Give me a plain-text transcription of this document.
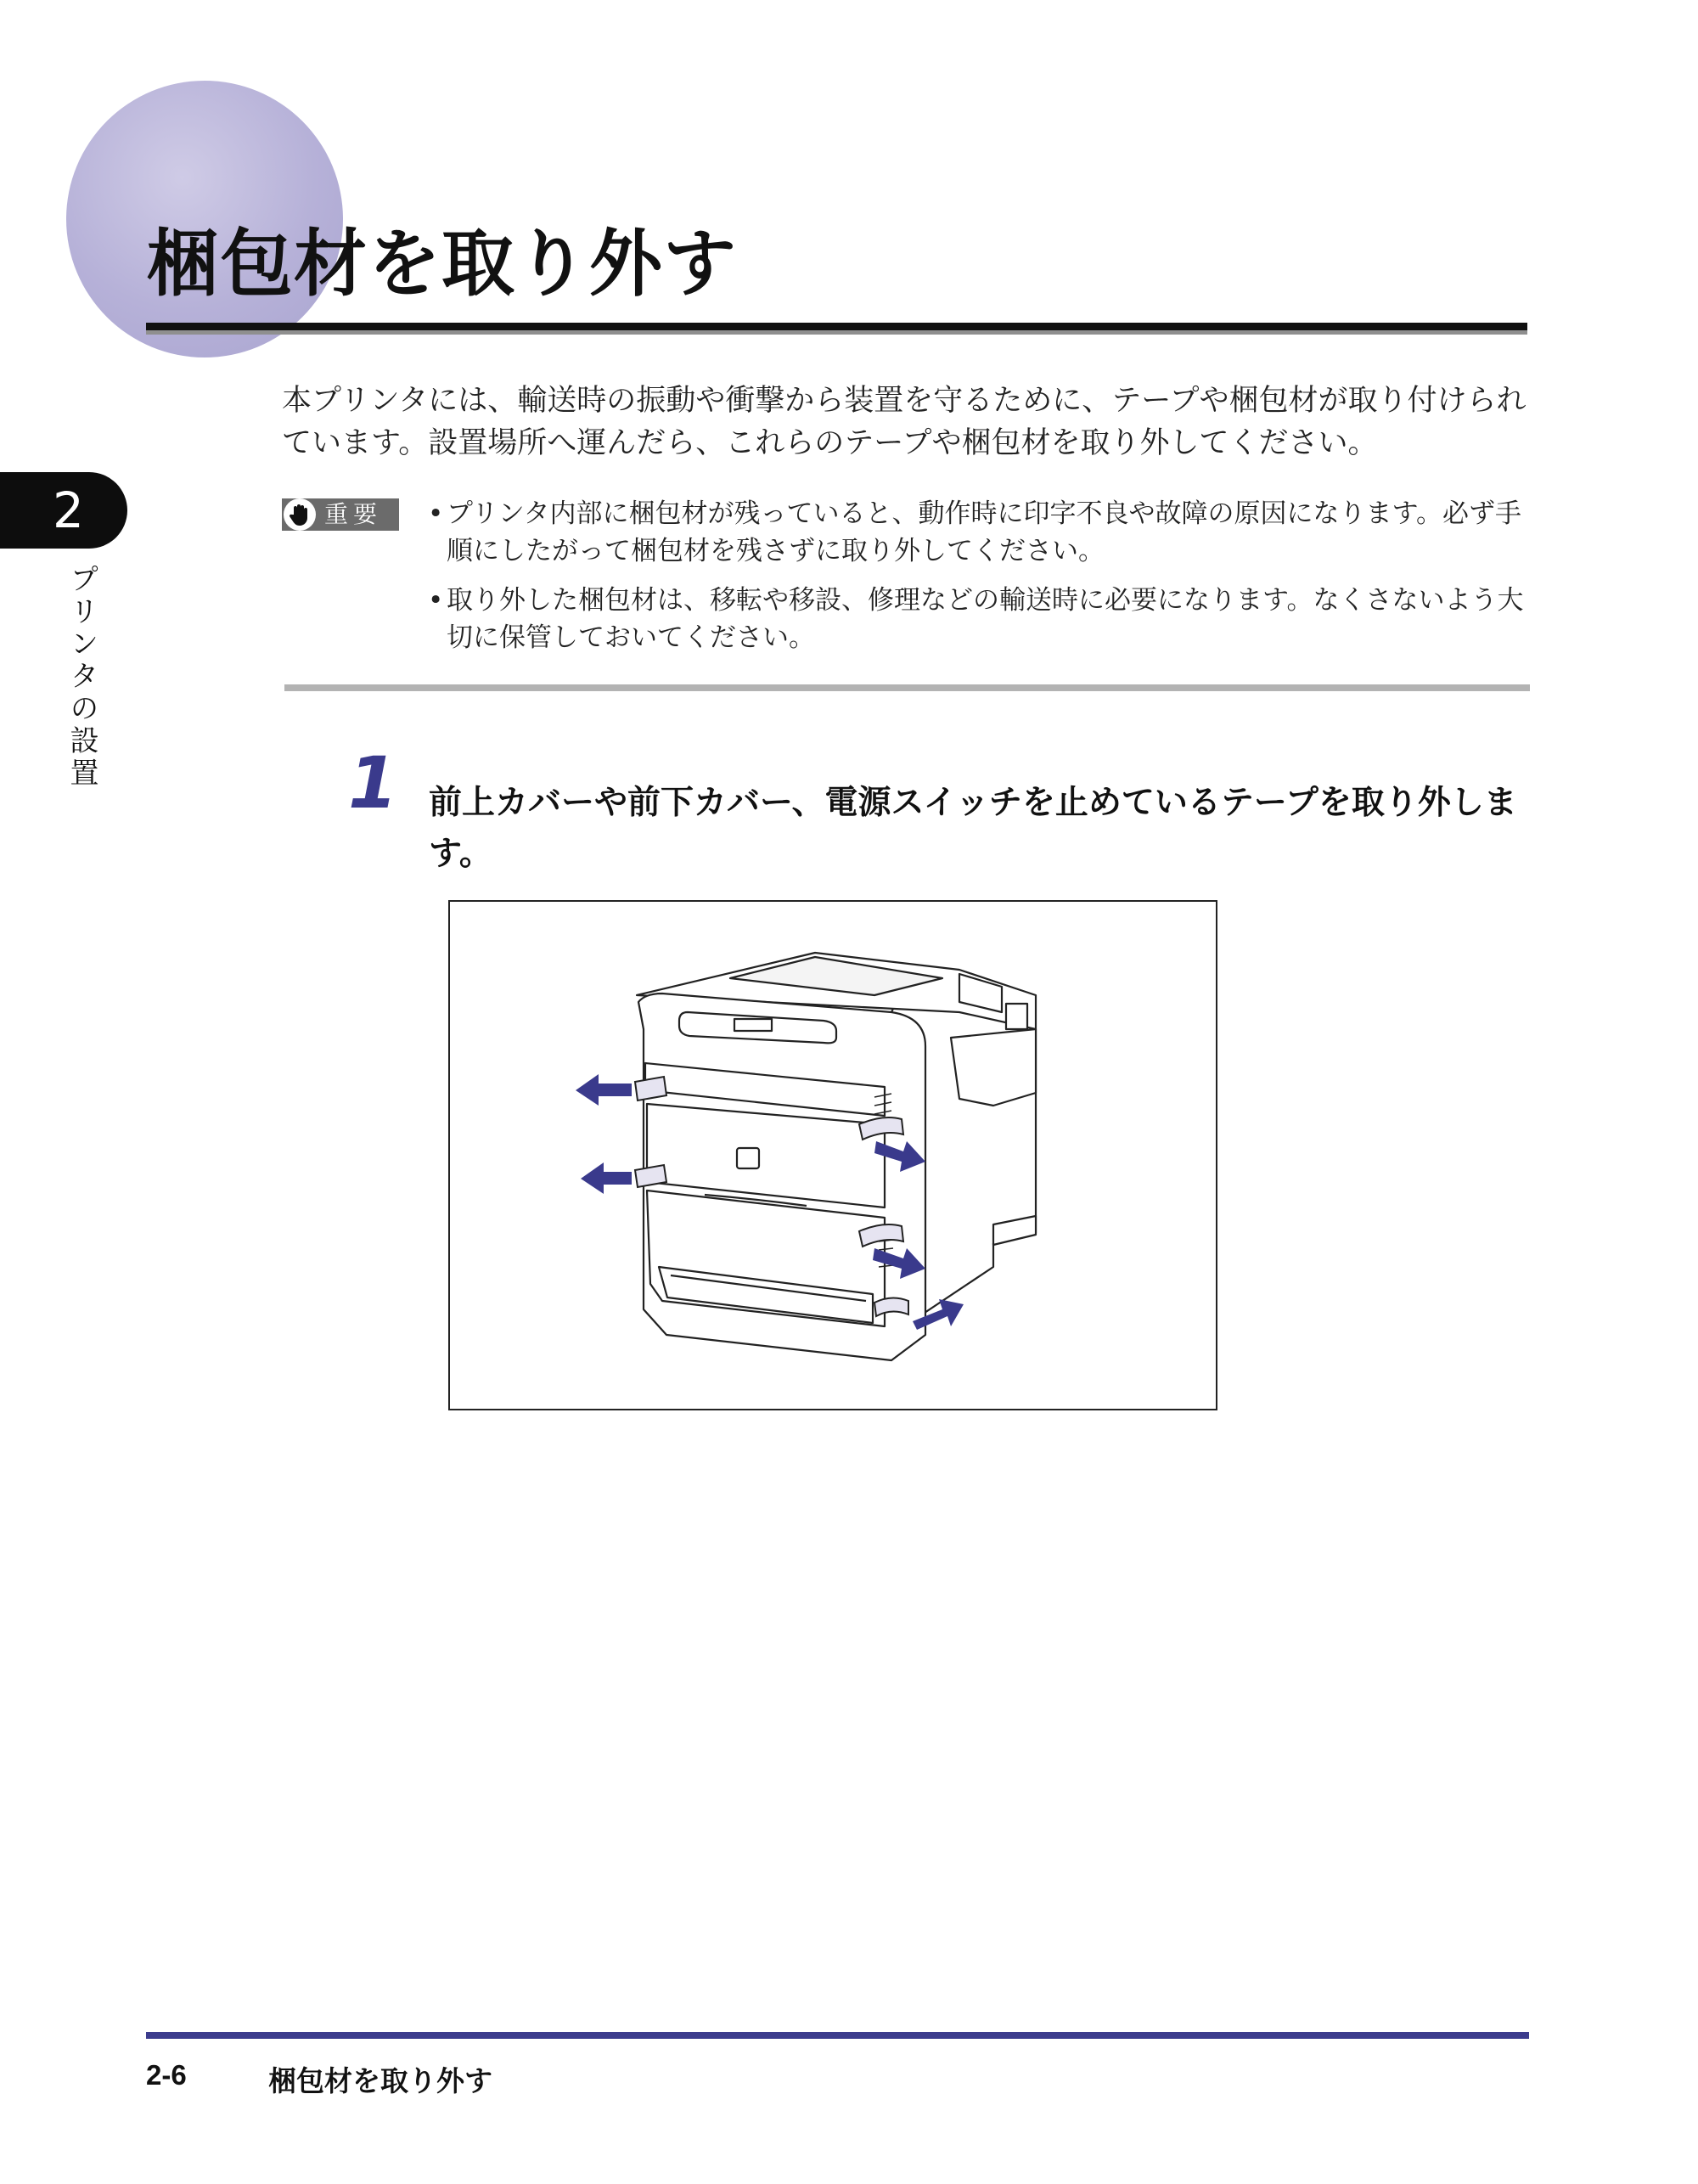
梱包材を取り外す
2
プリンタの設置

本プリンタには、輸送時の振動や衝撃から装置を守るために、テープや梱包材が取り付けられています。設置場所へ運んだら、これらのテープや梱包材を取り外してください。

重要
•	プリンタ内部に梱包材が残っていると、動作時に印字不良や故障の原因になります。必ず手順にしたがって梱包材を残さずに取り外してください。
• 取り外した梱包材は、移転や移設、修理などの輸送時に必要になります。なくさないよう大切に保管しておいてください。
1 前上カバーや前下カバー、電源スイッチを止めているテープを取り外します。

2-6	梱包材を取り外す
